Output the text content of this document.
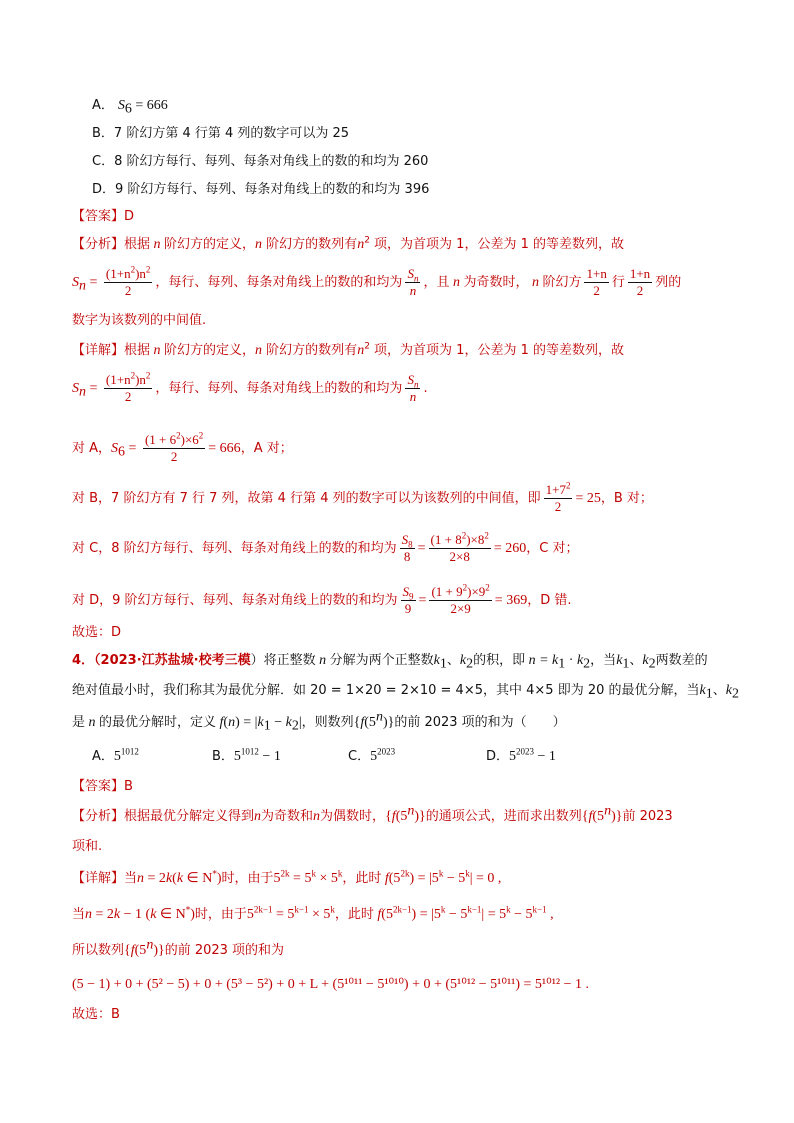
A． $S_6 = 666$
B．7 阶幻方第 4 行第 4 列的数字可以为 25
C．8 阶幻方每行、每列、每条对角线上的数的和均为 260
D．9 阶幻方每行、每列、每条对角线上的数的和均为 396
【答案】D
【分析】根据 n 阶幻方的定义，n 阶幻方的数列有$n^2$ 项，为首项为 1，公差为 1 的等差数列，故
$S_n = \frac{(1+n^2)n^2}{2}$ ，每行、每列、每条对角线上的数的和均为 $\frac{S_n}{n}$ ，且 n 为奇数时， n 阶幻方 $\frac{1+n}{2}$ 行 $\frac{1+n}{2}$ 列的
数字为该数列的中间值.
【详解】根据 n 阶幻方的定义，n 阶幻方的数列有$n^2$ 项，为首项为 1，公差为 1 的等差数列，故
$S_n = \frac{(1+n^2)n^2}{2}$ ，每行、每列、每条对角线上的数的和均为 $\frac{S_n}{n}$ .
对 A，$S_6 = \frac{(1 + 6^2)\times 6^2}{2} = 666$，A 对；
对 B，7 阶幻方有 7 行 7 列，故第 4 行第 4 列的数字可以为该数列的中间值，即 $\frac{1+7^2}{2} = 25$，B 对；
对 C，8 阶幻方每行、每列、每条对角线上的数的和均为 $\frac{S_8}{8} = \frac{(1 + 8^2)\times 8^2}{2\times 8} = 260$，C 对；
对 D，9 阶幻方每行、每列、每条对角线上的数的和均为 $\frac{S_9}{9} = \frac{(1 + 9^2)\times 9^2}{2\times 9} = 369$，D 错.
故选：D
4．（2023·江苏盐城·校考三模）将正整数 n 分解为两个正整数$k_1$、$k_2$的积，即 $n = k_1 \cdot k_2$，当$k_1$、$k_2$两数差的
绝对值最小时，我们称其为最优分解．如 20 = 1×20 = 2×10 = 4×5，其中 4×5 即为 20 的最优分解，当$k_1$、$k_2$
是 n 的最优分解时，定义 $f(n) = |k_1 - k_2|$，则数列{f(5$^n$)}的前 2023 项的和为（　　）
A．$5^{1012}$	B．$5^{1012} - 1$	C．$5^{2023}$	D．$5^{2023} - 1$
【答案】B
【分析】根据最优分解定义得到n为奇数和n为偶数时，{f(5$^n$)}的通项公式，进而求出数列{f(5$^n$)}前 2023
项和.
【详解】当n = 2k(k ∈ N*)时，由于$5^{2k} = 5^k \times 5^k$，此时 $f(5^{2k}) = |5^k - 5^k| = 0$ ,
当n = 2k − 1 (k ∈ N*)时，由于$5^{2k-1} = 5^{k-1} \times 5^k$，此时 $f(5^{2k-1}) = |5^k - 5^{k-1}| = 5^k - 5^{k-1}$ ,
所以数列{f(5$^n$)}的前 2023 项的和为
(5 − 1) + 0 + (5² − 5) + 0 + (5³ − 5²) + 0 + L + (5¹⁰¹¹ − 5¹⁰¹⁰) + 0 + (5¹⁰¹² − 5¹⁰¹¹) = 5¹⁰¹² − 1 .
故选：B
